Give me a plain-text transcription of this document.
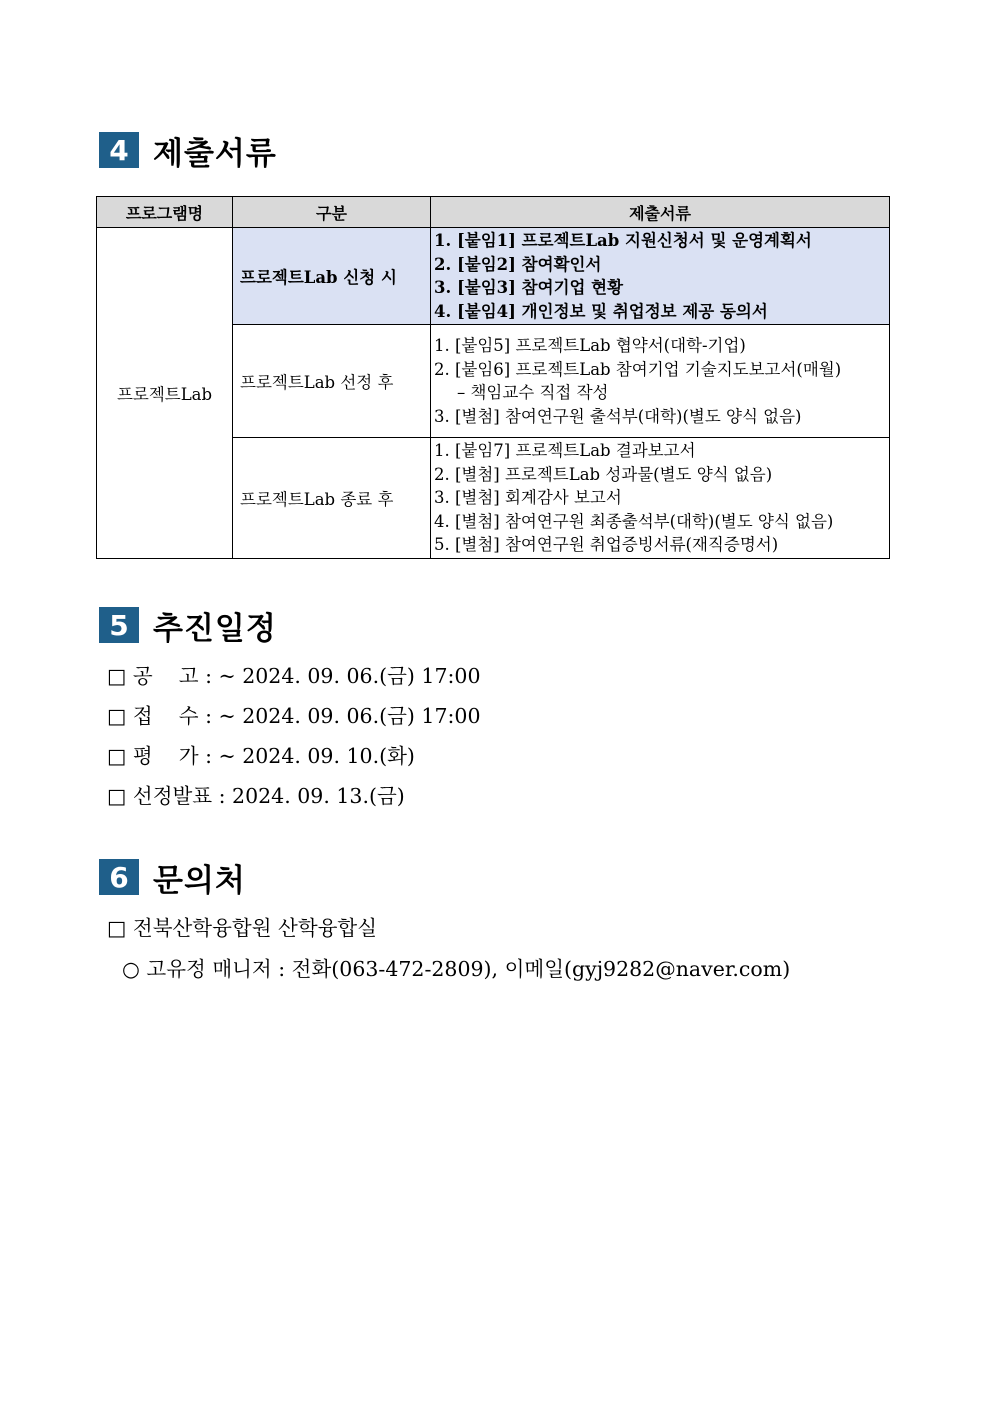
4 제출서류
프로그램명	구분	제출서류
프로젝트Lab	프로젝트Lab 신청 시	1. [붙임1] 프로젝트Lab 지원신청서 및 운영계획서
2. [붙임2] 참여확인서
3. [붙임3] 참여기업 현황
4. [붙임4] 개인정보 및 취업정보 제공 동의서

	프로젝트Lab 선정 후	1. [붙임5] 프로젝트Lab 협약서(대학-기업)
2. [붙임6] 프로젝트Lab 참여기업 기술지도보고서(매월)
– 책임교수 직접 작성
3. [별첨] 참여연구원 출석부(대학)(별도 양식 없음)

	프로젝트Lab 종료 후	1. [붙임7] 프로젝트Lab 결과보고서
2. [별첨] 프로젝트Lab 성과물(별도 양식 없음)
3. [별첨] 회계감사 보고서
4. [별첨] 참여연구원 최종출석부(대학)(별도 양식 없음)
5. [별첨] 참여연구원 취업증빙서류(재직증명서)
5 추진일정
□ 공    고 : ~ 2024. 09. 06.(금) 17:00
□ 접    수 : ~ 2024. 09. 06.(금) 17:00
□ 평    가 : ~ 2024. 09. 10.(화)
□ 선정발표 : 2024. 09. 13.(금)
6 문의처
□ 전북산학융합원 산학융합실
○ 고유정 매니저 : 전화(063-472-2809), 이메일(gyj9282@naver.com)
